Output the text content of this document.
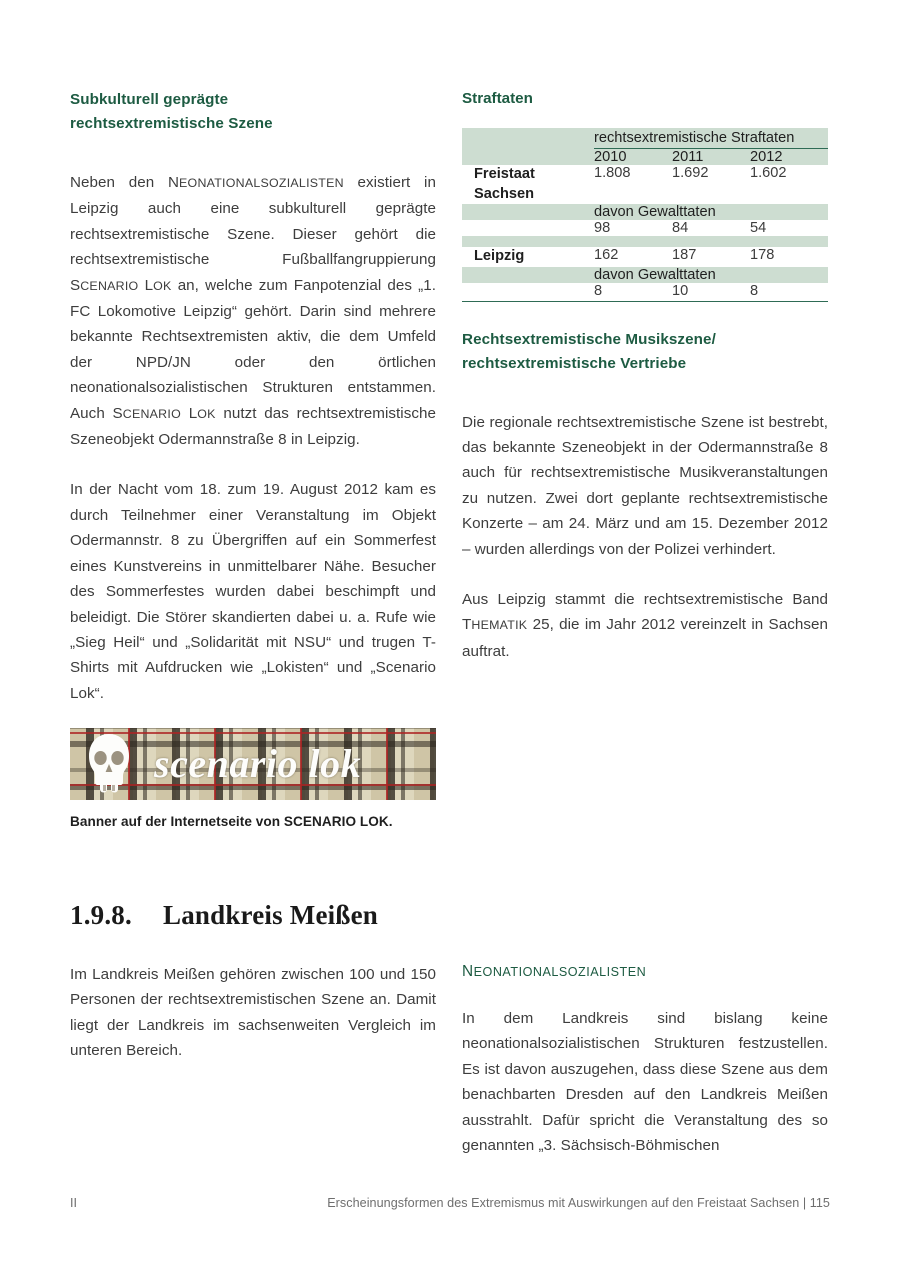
Subkulturell geprägte
rechtsextremistische Szene

Neben den NEONATIONALSOZIALISTEN existiert in Leipzig auch eine subkulturell geprägte rechtsextremistische Szene. Dieser gehört die rechtsextremistische Fußballfangruppierung SCENARIO LOK an, welche zum Fanpotenzial des „1. FC Lokomotive Leipzig“ gehört. Darin sind mehrere bekannte Rechtsextremisten aktiv, die dem Umfeld der NPD/JN oder den örtlichen neonationalsozialistischen Strukturen entstammen. Auch SCENARIO LOK nutzt das rechtsextremistische Szeneobjekt Odermannstraße 8 in Leipzig.

In der Nacht vom 18. zum 19. August 2012 kam es durch Teilnehmer einer Veranstaltung im Objekt Odermannstr. 8 zu Übergriffen auf ein Sommerfest eines Kunstvereins in unmittelbarer Nähe. Besucher des Sommerfestes wurden dabei beschimpft und beleidigt. Die Störer skandierten dabei u. a. Rufe wie „Sieg Heil“ und „Solidarität mit NSU“ und trugen T-Shirts mit Aufdrucken wie „Lokisten“ und „Scenario Lok“.

scenario lok
Banner auf der Internetseite von SCENARIO LOK.
Straftaten
	rechtsextremistische Straftaten		

	2010	2011	2012
Freistaat Sachsen	1.808	1.692	1.602
	davon Gewalttaten		
	98	84	54

Leipzig	162	187	178
	davon Gewalttaten		
	8	10	8
Rechtsextremistische Musikszene/
rechtsextremistische Vertriebe

Die regionale rechtsextremistische Szene ist bestrebt, das bekannte Szeneobjekt in der Odermannstraße 8 auch für rechtsextremistische Musikveranstaltungen zu nutzen. Zwei dort geplante rechtsextremistische Konzerte – am 24. März und am 15. Dezember 2012 – wurden allerdings von der Polizei verhindert.

Aus Leipzig stammt die rechtsextremistische Band THEMATIK 25, die im Jahr 2012 vereinzelt in Sachsen auftrat.

1.9.8. Landkreis Meißen

Im Landkreis Meißen gehören zwischen 100 und 150 Personen der rechtsextremistischen Szene an. Damit liegt der Landkreis im sachsenweiten Vergleich im unteren Bereich.

NEONATIONALSOZIALISTEN

In dem Landkreis sind bislang keine neonationalsozialistischen Strukturen festzustellen. Es ist davon auszugehen, dass diese Szene aus dem benachbarten Dresden auf den Landkreis Meißen ausstrahlt. Dafür spricht die Veranstaltung des so genannten „3. Sächsisch-Böhmischen

II	Erscheinungsformen des Extremismus mit Auswirkungen auf den Freistaat Sachsen | 115
